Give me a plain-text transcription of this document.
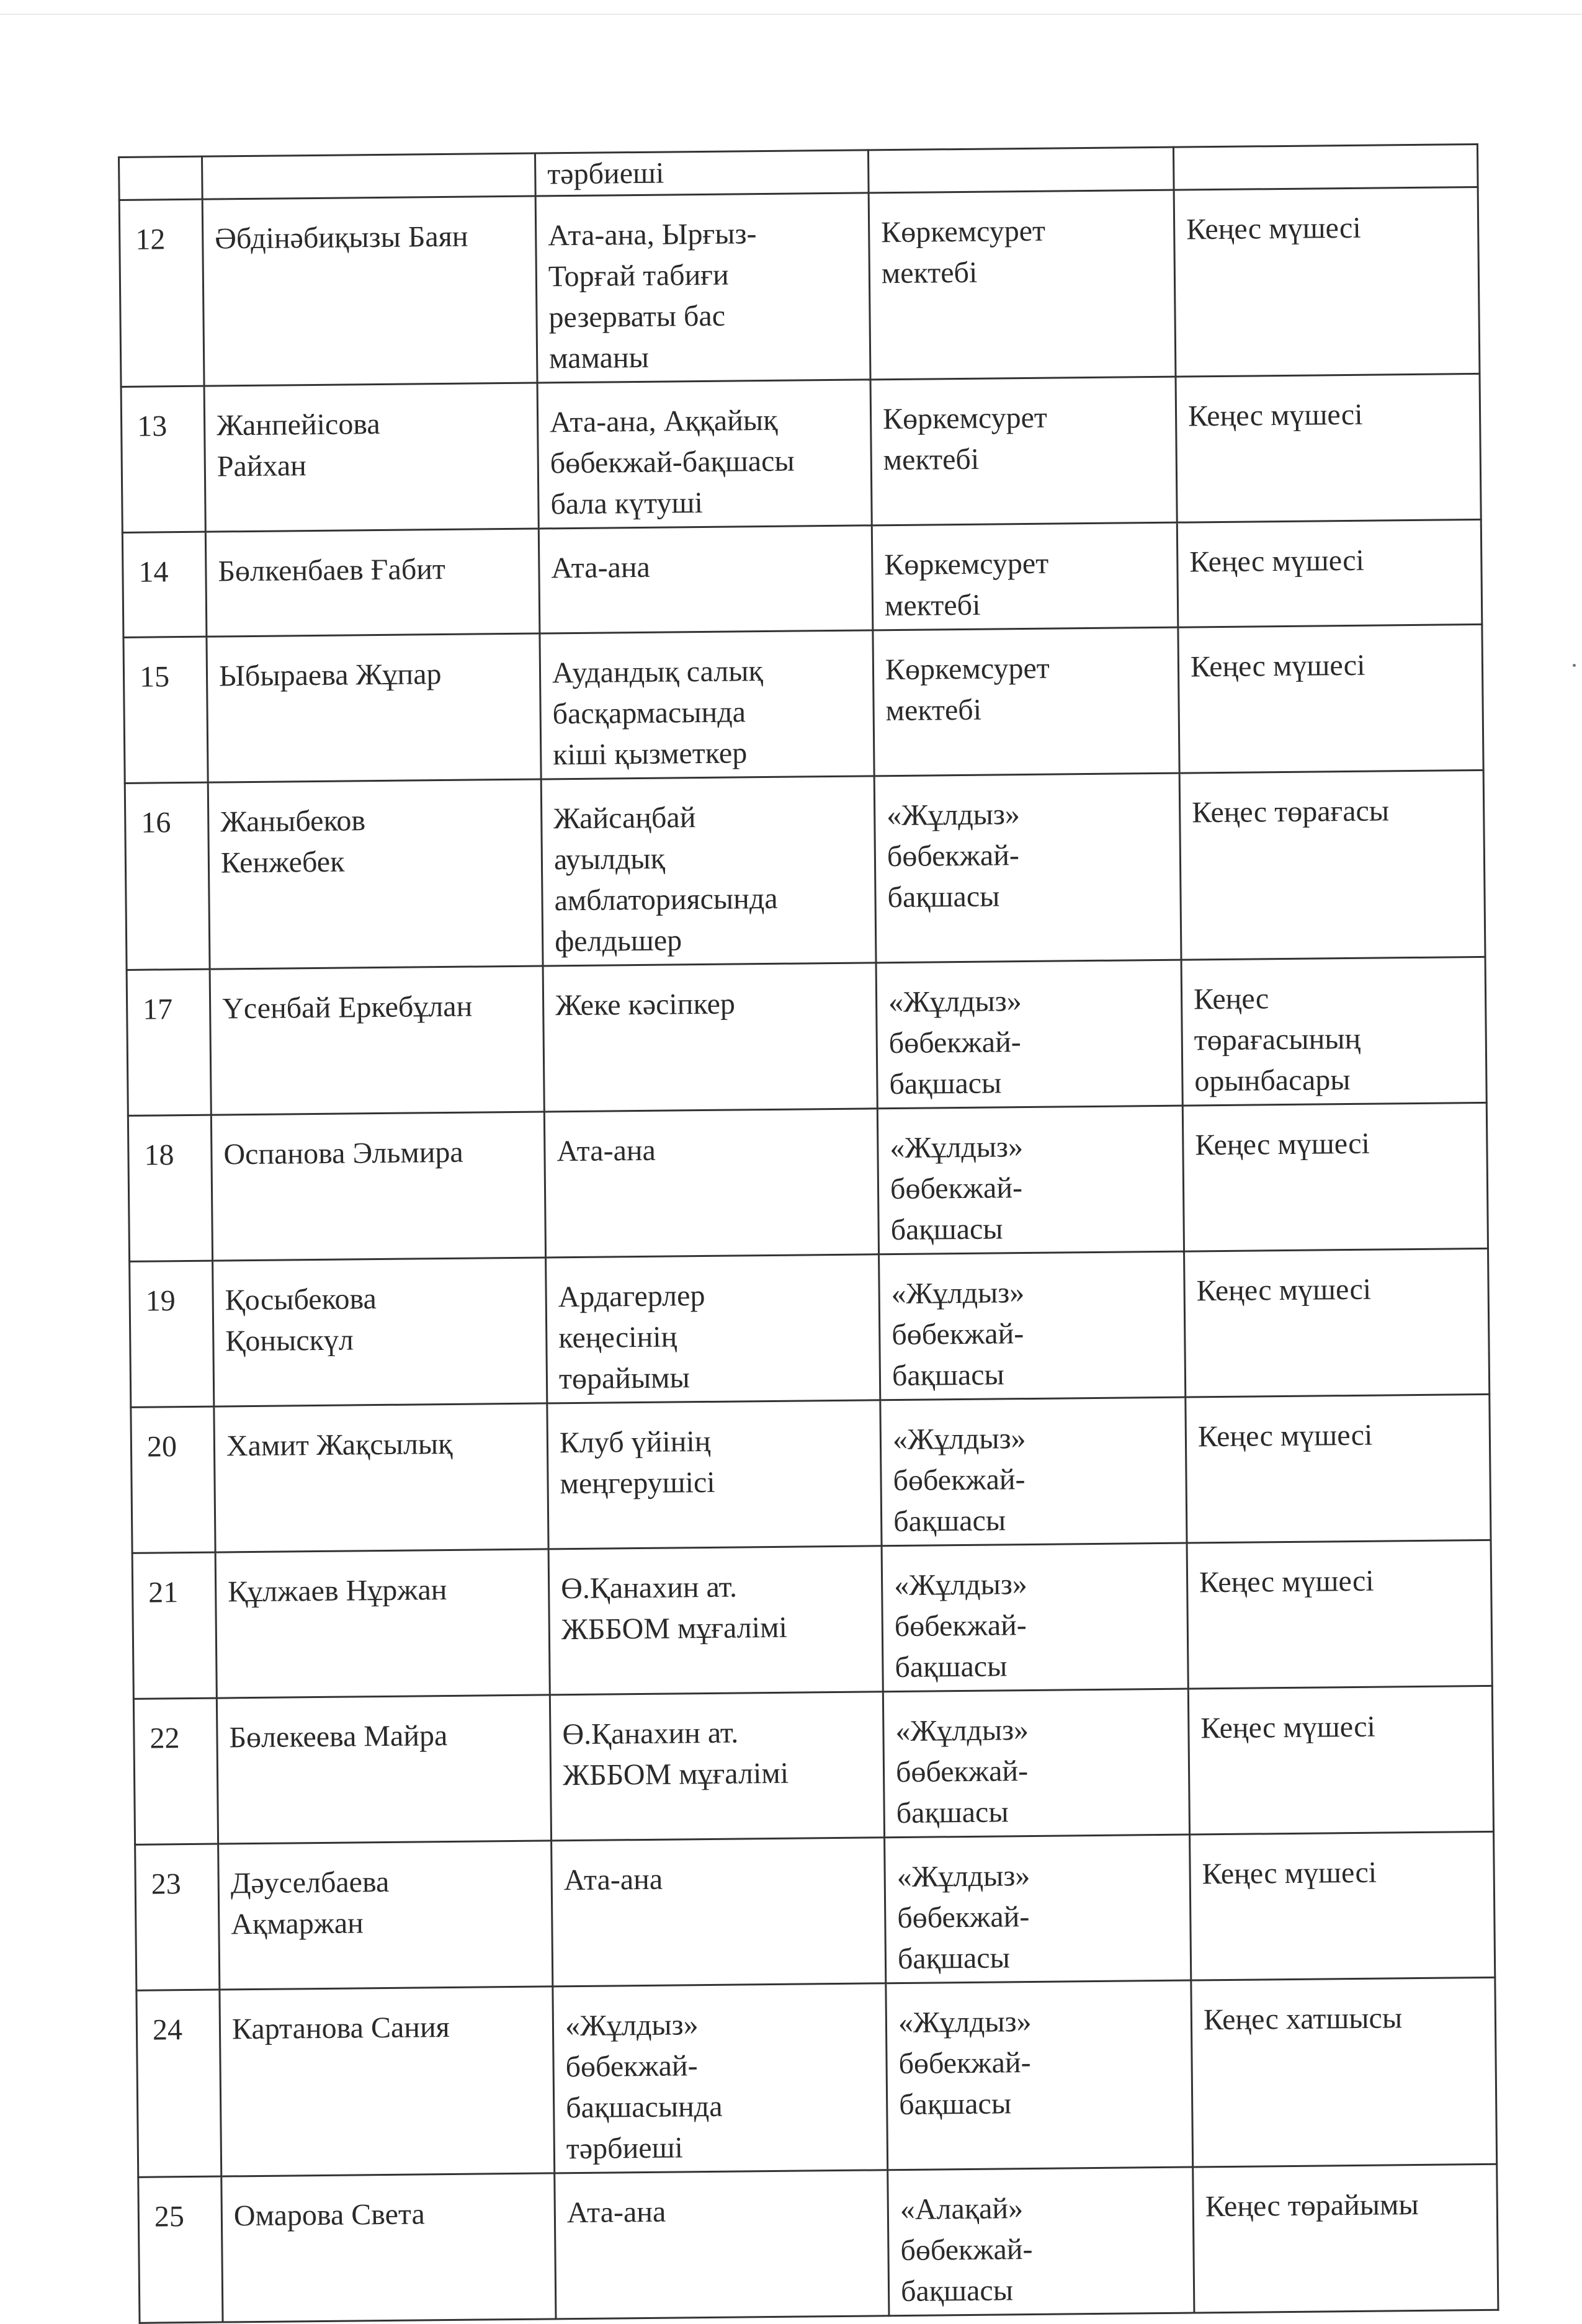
		тәрбиеші		

12	Әбдінәбиқызы Баян	Ата-ана, Ырғыз-
Торғай табиғи
резерваты бас
маманы	Көркемсурет
мектебі	Кеңес мүшесі

13	Жанпейісова
Райхан	Ата-ана, Аққайық
бөбекжай-бақшасы
бала күтуші	Көркемсурет
мектебі	Кеңес мүшесі

14	Бөлкенбаев Ғабит	Ата-ана	Көркемсурет
мектебі	Кеңес мүшесі

15	Ыбыраева Жұпар	Аудандық салық
басқармасында
кіші қызметкер	Көркемсурет
мектебі	Кеңес мүшесі

16	Жаныбеков
Кенжебек	Жайсаңбай
ауылдық
амблаториясында
фелдьшер	«Жұлдыз»
бөбекжай-
бақшасы	Кеңес төрағасы

17	Үсенбай Еркебұлан	Жеке кәсіпкер	«Жұлдыз»
бөбекжай-
бақшасы	Кеңес
төрағасының
орынбасары

18	Оспанова Эльмира	Ата-ана	«Жұлдыз»
бөбекжай-
бақшасы	Кеңес мүшесі

19	Қосыбекова
Қоныскүл	Ардагерлер
кеңесінің
төрайымы	«Жұлдыз»
бөбекжай-
бақшасы	Кеңес мүшесі

20	Хамит Жақсылық	Клуб үйінің
меңгерушісі	«Жұлдыз»
бөбекжай-
бақшасы	Кеңес мүшесі

21	Құлжаев Нұржан	Ө.Қанахин ат.
ЖББОМ мұғалімі	«Жұлдыз»
бөбекжай-
бақшасы	Кеңес мүшесі

22	Бөлекеева Майра	Ө.Қанахин ат.
ЖББОМ мұғалімі	«Жұлдыз»
бөбекжай-
бақшасы	Кеңес мүшесі

23	Дәуселбаева
Ақмаржан	Ата-ана	«Жұлдыз»
бөбекжай-
бақшасы	Кеңес мүшесі

24	Картанова Сания	«Жұлдыз»
бөбекжай-
бақшасында
тәрбиеші	«Жұлдыз»
бөбекжай-
бақшасы	Кеңес хатшысы

25	Омарова Света	Ата-ана	«Алақай»
бөбекжай-
бақшасы	Кеңес төрайымы
